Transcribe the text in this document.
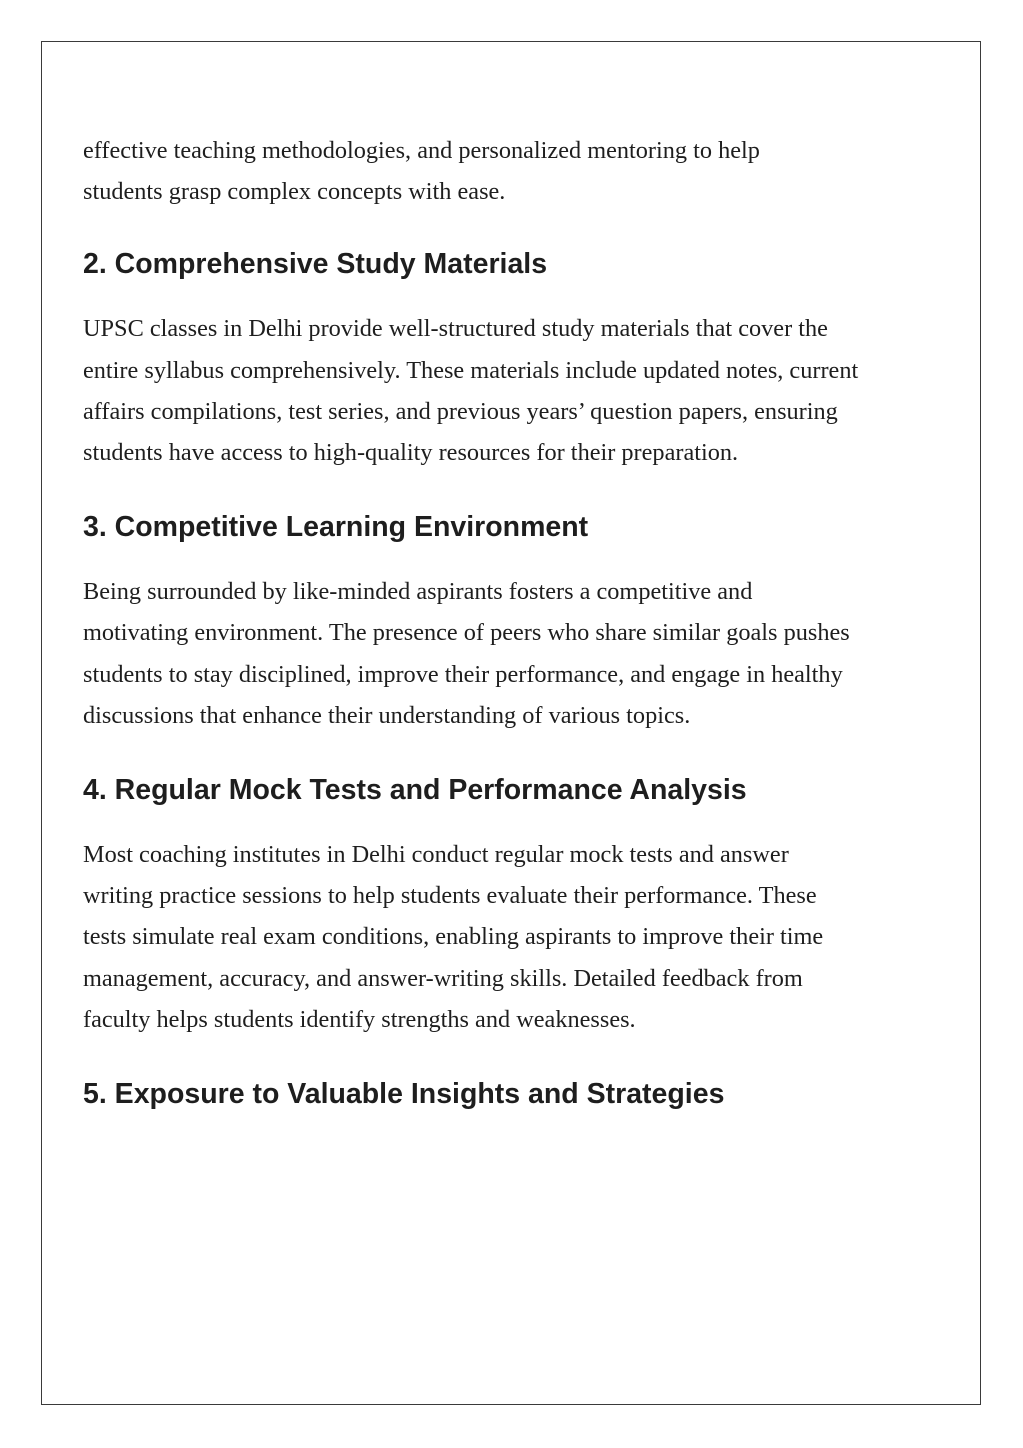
effective teaching methodologies, and personalized mentoring to help students grasp complex concepts with ease.

2. Comprehensive Study Materials

UPSC classes in Delhi provide well-structured study materials that cover the entire syllabus comprehensively. These materials include updated notes, current affairs compilations, test series, and previous years’ question papers, ensuring students have access to high-quality resources for their preparation.

3. Competitive Learning Environment

Being surrounded by like-minded aspirants fosters a competitive and motivating environment. The presence of peers who share similar goals pushes students to stay disciplined, improve their performance, and engage in healthy discussions that enhance their understanding of various topics.

4. Regular Mock Tests and Performance Analysis

Most coaching institutes in Delhi conduct regular mock tests and answer writing practice sessions to help students evaluate their performance. These tests simulate real exam conditions, enabling aspirants to improve their time management, accuracy, and answer-writing skills. Detailed feedback from faculty helps students identify strengths and weaknesses.

5. Exposure to Valuable Insights and Strategies
